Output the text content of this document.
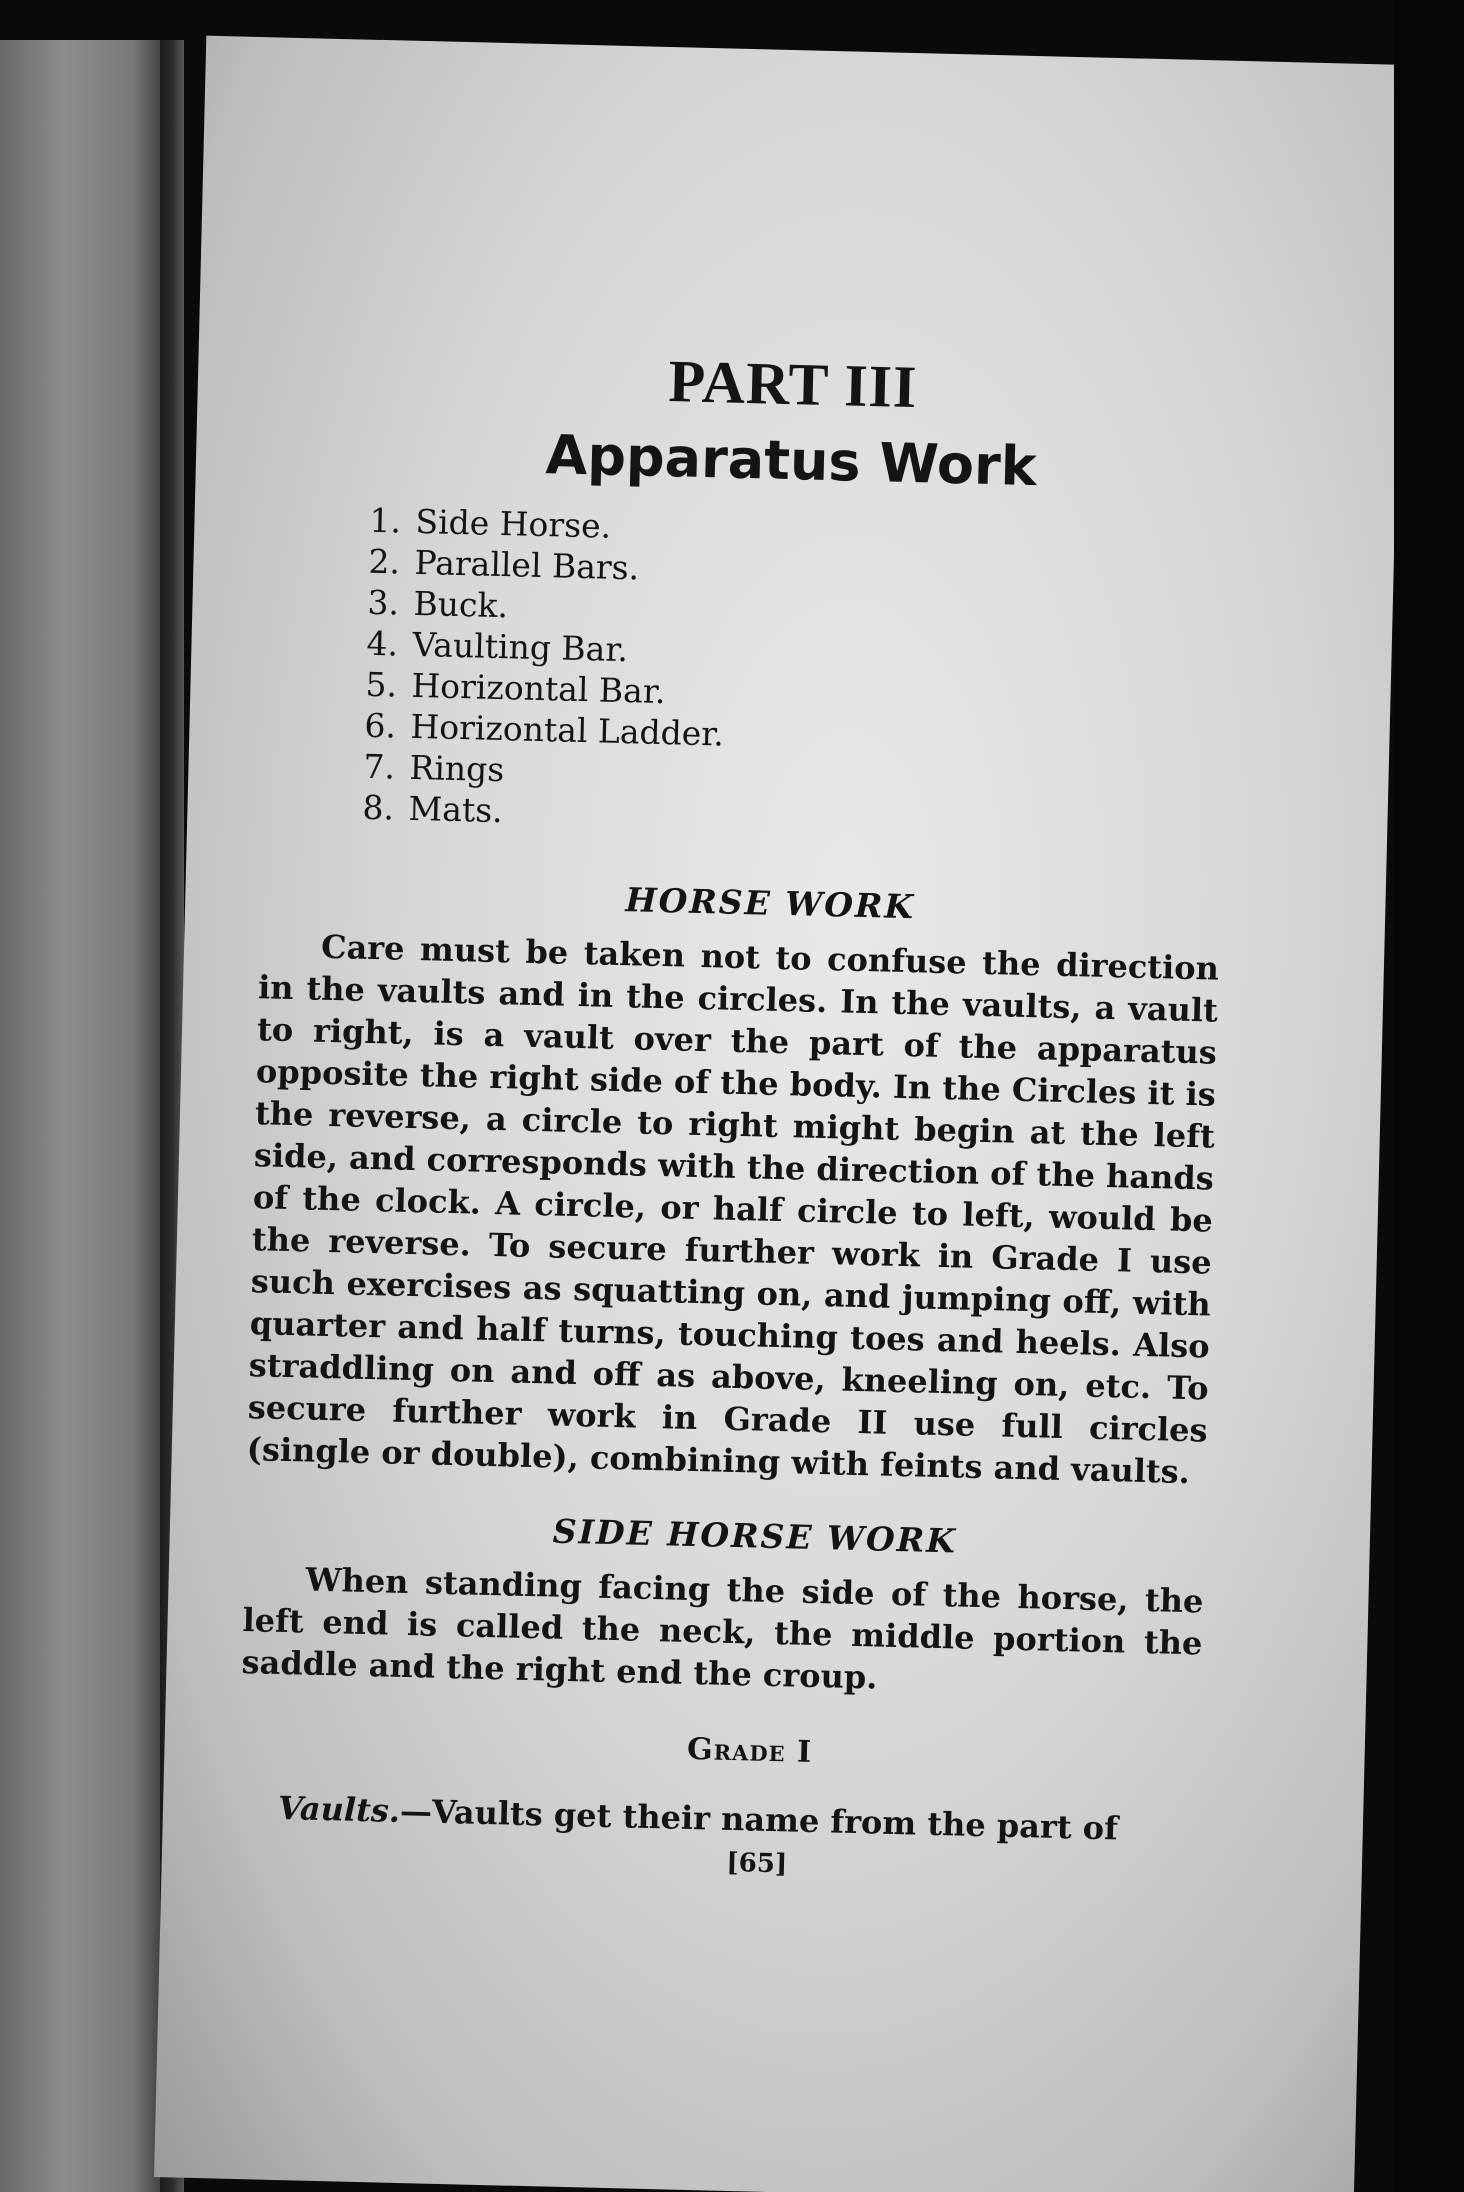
PART III
Apparatus Work
1. Side Horse.
2. Parallel Bars.
3. Buck.
4. Vaulting Bar.
5. Horizontal Bar.
6. Horizontal Ladder.
7. Rings
8. Mats.
HORSE WORK

Care must be taken not to confuse the direction in the vaults and in the circles. In the vaults, a vault to right, is a vault over the part of the apparatus opposite the right side of the body. In the Circles it is the reverse, a circle to right might begin at the left side, and corresponds with the direction of the hands of the clock. A circle, or half circle to left, would be the reverse. To secure further work in Grade I use such exercises as squatting on, and jumping off, with quarter and half turns, touching toes and heels. Also straddling on and off as above, kneeling on, etc. To secure further work in Grade II use full circles (single or double), combining with feints and vaults.

SIDE HORSE WORK

When standing facing the side of the horse, the left end is called the neck, the middle portion the saddle and the right end the croup.

Grade I

Vaults.—Vaults get their name from the part of

[65]
